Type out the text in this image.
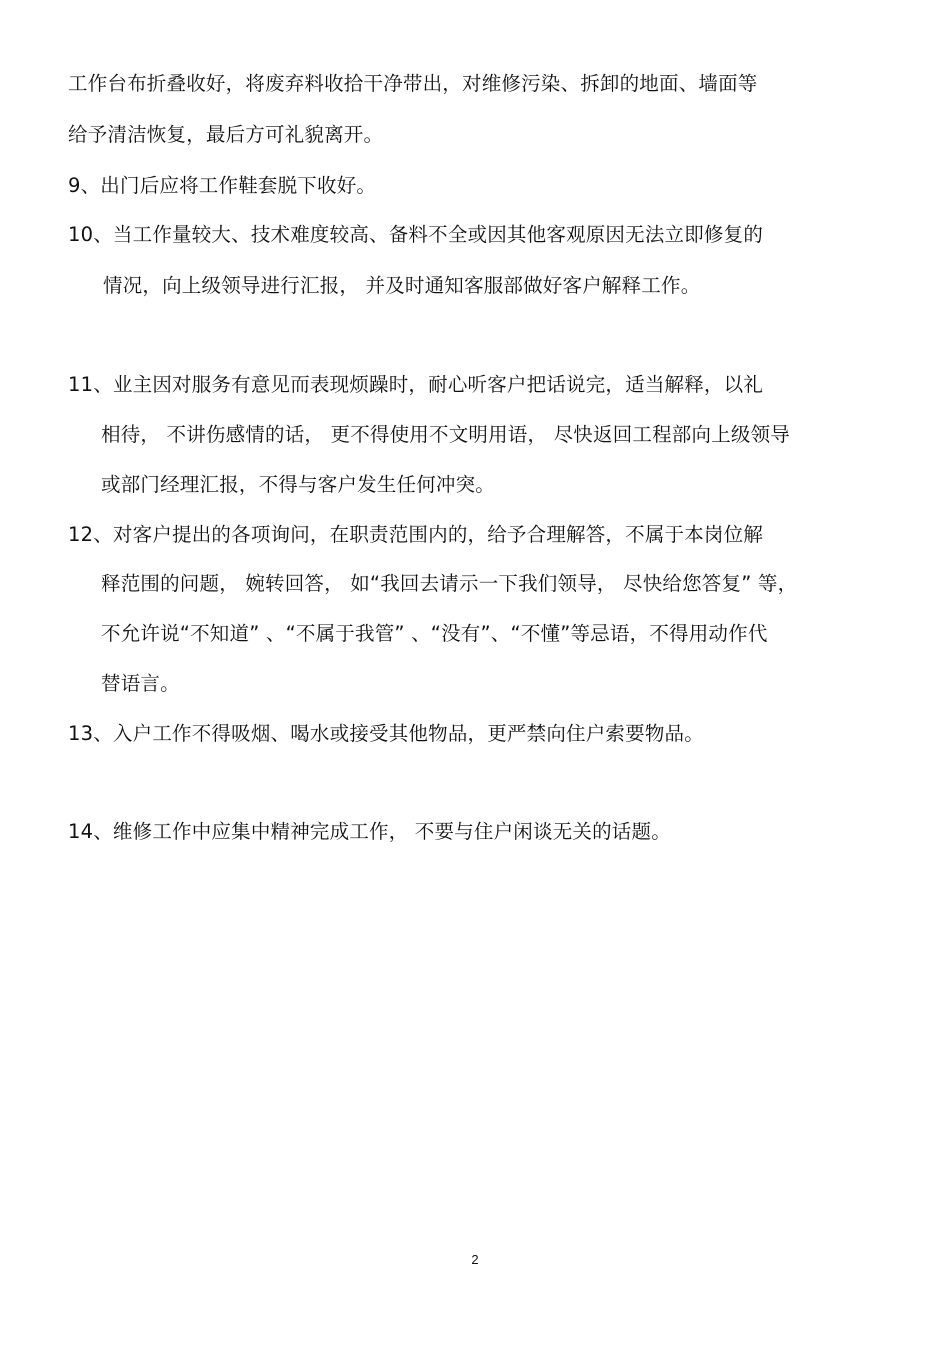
工作台布折叠收好，将废弃料收拾干净带出，对维修污染、拆卸的地面、墙面等
给予清洁恢复，最后方可礼貌离开。
9、出门后应将工作鞋套脱下收好。
10、当工作量较大、技术难度较高、备料不全或因其他客观原因无法立即修复的
情况，向上级领导进行汇报， 并及时通知客服部做好客户解释工作。
11、业主因对服务有意见而表现烦躁时，耐心听客户把话说完，适当解释，以礼
相待， 不讲伤感情的话， 更不得使用不文明用语， 尽快返回工程部向上级领导
或部门经理汇报，不得与客户发生任何冲突。
12、对客户提出的各项询问，在职责范围内的，给予合理解答，不属于本岗位解
释范围的问题， 婉转回答， 如“我回去请示一下我们领导， 尽快给您答复” 等，
不允许说“不知道” 、“不属于我管” 、“没有”、“不懂”等忌语，不得用动作代
替语言。
13、入户工作不得吸烟、喝水或接受其他物品，更严禁向住户索要物品。
14、维修工作中应集中精神完成工作， 不要与住户闲谈无关的话题。
2
